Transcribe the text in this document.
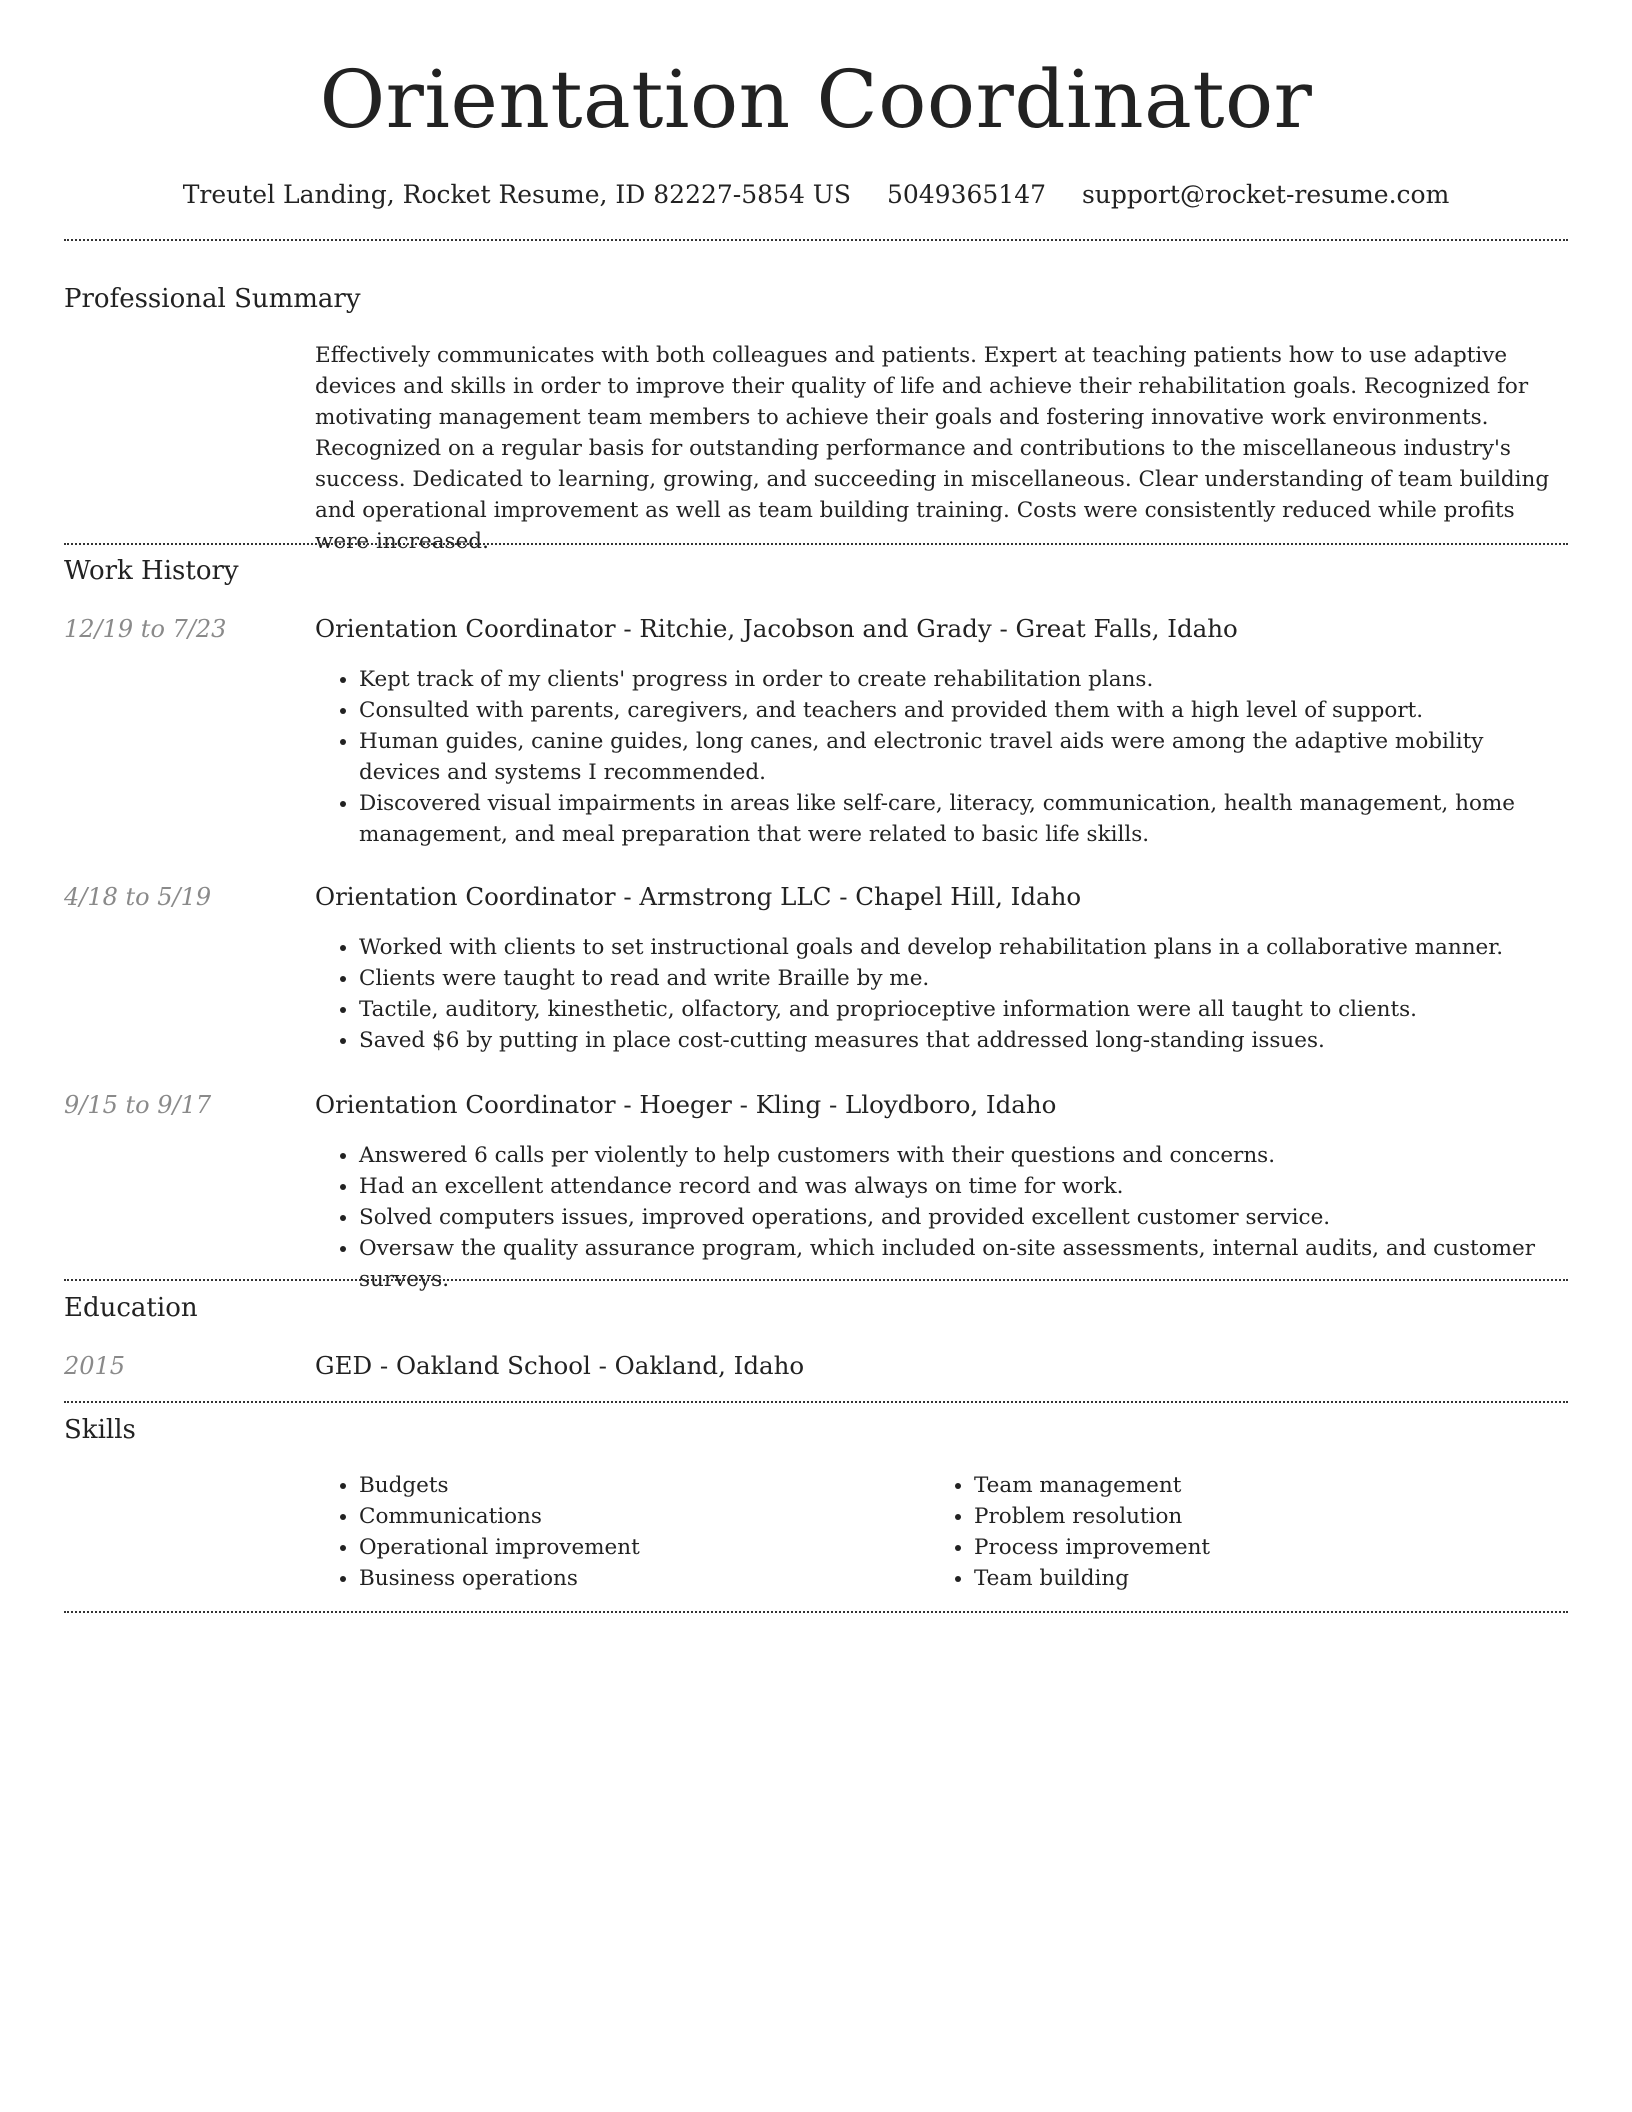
Orientation Coordinator
Treutel Landing, Rocket Resume, ID 82227-5854 US 5049365147 support@rocket-resume.com
Professional Summary

Effectively communicates with both colleagues and patients. Expert at teaching patients how to use adaptive devices and skills in order to improve their quality of life and achieve their rehabilitation goals. Recognized for motivating management team members to achieve their goals and fostering innovative work environments. Recognized on a regular basis for outstanding performance and contributions to the miscellaneous industry's success. Dedicated to learning, growing, and succeeding in miscellaneous. Clear understanding of team building and operational improvement as well as team building training. Costs were consistently reduced while profits were increased.

Work History
12/19 to 7/23	Orientation Coordinator - Ritchie, Jacobson and Grady - Great Falls, Idaho
• Kept track of my clients' progress in order to create rehabilitation plans.
• Consulted with parents, caregivers, and teachers and provided them with a high level of support.
• Human guides, canine guides, long canes, and electronic travel aids were among the adaptive mobility devices and systems I recommended.
• Discovered visual impairments in areas like self-care, literacy, communication, health management, home management, and meal preparation that were related to basic life skills.
4/18 to 5/19	Orientation Coordinator - Armstrong LLC - Chapel Hill, Idaho
• Worked with clients to set instructional goals and develop rehabilitation plans in a collaborative manner.
• Clients were taught to read and write Braille by me.
• Tactile, auditory, kinesthetic, olfactory, and proprioceptive information were all taught to clients.
• Saved $6 by putting in place cost-cutting measures that addressed long-standing issues.
9/15 to 9/17	Orientation Coordinator - Hoeger - Kling - Lloydboro, Idaho
• Answered 6 calls per violently to help customers with their questions and concerns.
• Had an excellent attendance record and was always on time for work.
• Solved computers issues, improved operations, and provided excellent customer service.
• Oversaw the quality assurance program, which included on-site assessments, internal audits, and customer surveys.
Education
2015	GED - Oakland School - Oakland, Idaho
Skills
• Budgets
• Communications
• Operational improvement
• Business operations
• Team management
• Problem resolution
• Process improvement
• Team building
